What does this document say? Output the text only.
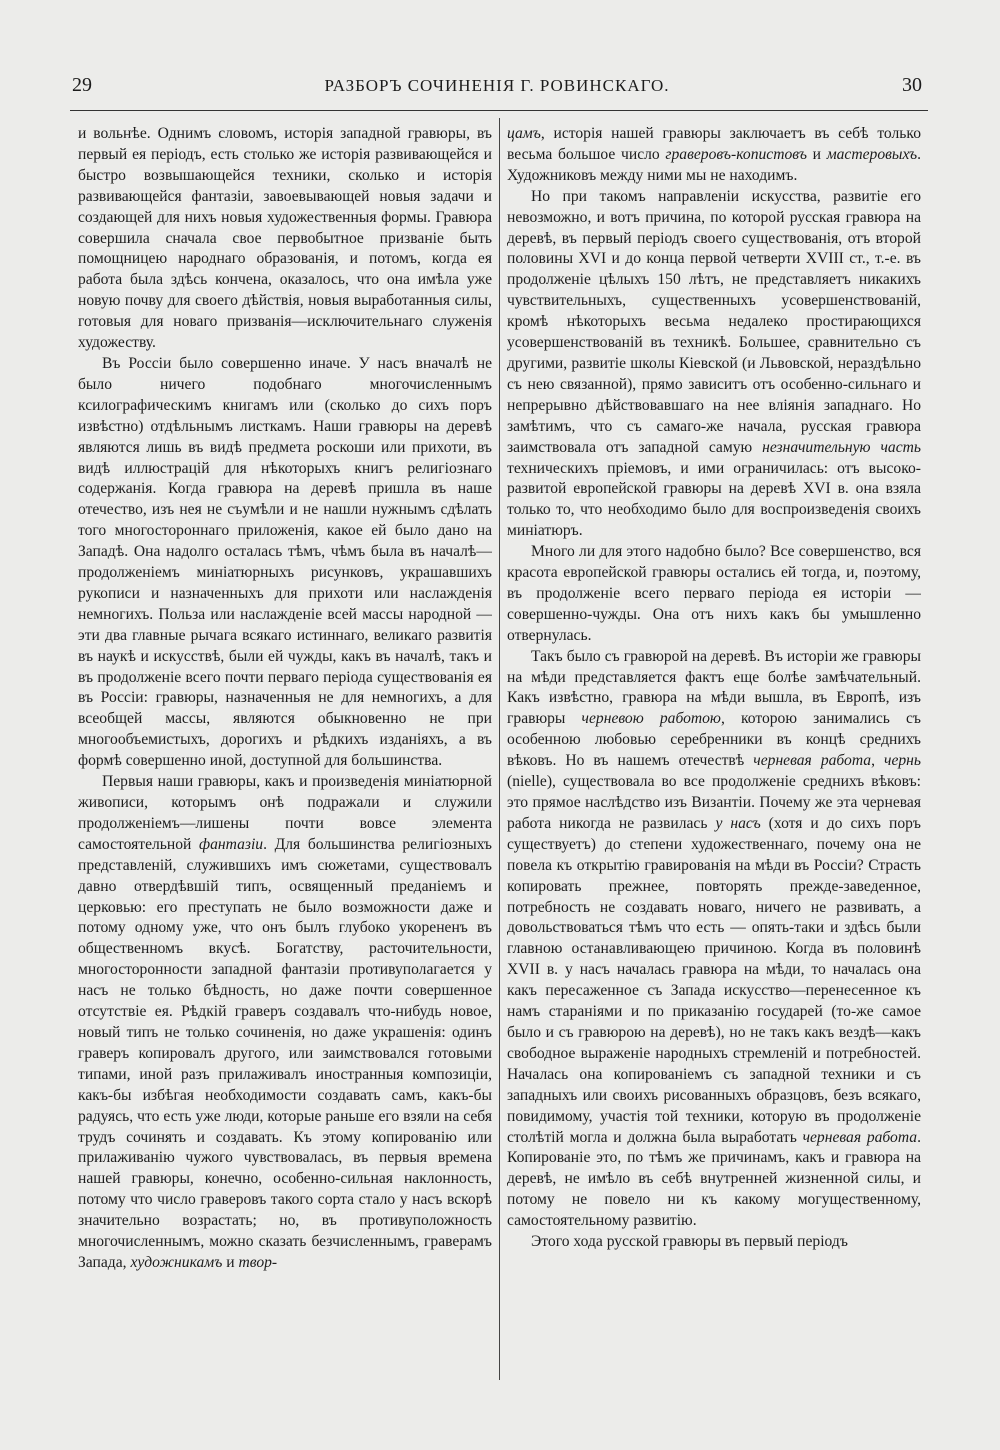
29	РАЗБОРЪ СОЧИНЕНІЯ Г. РОВИНСКАГО.	30

и вольнѣе. Однимъ словомъ, исторія западной гравюры, въ первый ея періодъ, есть столько же исторія развивающейся и быстро возвышающейся техники, сколько и исторія развивающейся фантазіи, завоевывающей новыя задачи и создающей для нихъ новыя художественныя формы. Гравюра совершила сначала свое первобытное призваніе быть помощницею народнаго образованія, и потомъ, когда ея работа была здѣсь кончена, оказалось, что она имѣла уже новую почву для своего дѣйствія, новыя выработанныя силы, готовыя для новаго призванія—исключительнаго служенія художеству.

Въ Россіи было совершенно иначе. У насъ вначалѣ не было ничего подобнаго многочисленнымъ ксилографическимъ книгамъ или (сколько до сихъ поръ извѣстно) отдѣльнымъ листкамъ. Наши гравюры на деревѣ являются лишь въ видѣ предмета роскоши или прихоти, въ видѣ иллюстрацій для нѣкоторыхъ книгъ религіознаго содержанія. Когда гравюра на деревѣ пришла въ наше отечество, изъ нея не съумѣли и не нашли нужнымъ сдѣлать того многостороннаго приложенія, какое ей было дано на Западѣ. Она надолго осталась тѣмъ, чѣмъ была въ началѣ—продолженіемъ миніатюрныхъ рисунковъ, украшавшихъ рукописи и назначенныхъ для прихоти или наслажденія немногихъ. Польза или наслажденіе всей массы народной — эти два главные рычага всякаго истиннаго, великаго развитія въ наукѣ и искусствѣ, были ей чужды, какъ въ началѣ, такъ и въ продолженіе всего почти перваго періода существованія ея въ Россіи: гравюры, назначенныя не для немногихъ, а для всеобщей массы, являются обыкновенно не при многообъемистыхъ, дорогихъ и рѣдкихъ изданіяхъ, а въ формѣ совершенно иной, доступной для большинства.

Первыя наши гравюры, какъ и произведенія миніатюрной живописи, которымъ онѣ подражали и служили продолженіемъ—лишены почти вовсе элемента самостоятельной фантазіи. Для большинства религіозныхъ представленій, служившихъ имъ сюжетами, существовалъ давно отвердѣвшій типъ, освященный преданіемъ и церковью: его преступать не было возможности даже и потому одному уже, что онъ былъ глубоко укорененъ въ общественномъ вкусѣ. Богатству, расточительности, многосторонности западной фантазіи противуполагается у насъ не только бѣдность, но даже почти совершенное отсутствіе ея. Рѣдкій граверъ создавалъ что-нибудь новое, новый типъ не только сочиненія, но даже украшенія: одинъ граверъ копировалъ другого, или заимствовался готовыми типами, иной разъ прилаживалъ иностранныя композиціи, какъ-бы избѣгая необходимости создавать самъ, какъ-бы радуясь, что есть уже люди, которые раньше его взяли на себя трудъ сочинять и создавать. Къ этому копированію или прилаживанію чужого чувствовалась, въ первыя времена нашей гравюры, конечно, особенно-сильная наклонность, потому что число граверовъ такого сорта стало у насъ вскорѣ значительно возрастать; но, въ противуположность многочисленнымъ, можно сказать безчисленнымъ, граверамъ Запада, художникамъ и твор-

цамъ, исторія нашей гравюры заключаетъ въ себѣ только весьма большое число граверовъ-копистовъ и мастеровыхъ. Художниковъ между ними мы не находимъ.

Но при такомъ направленіи искусства, развитіе его невозможно, и вотъ причина, по которой русская гравюра на деревѣ, въ первый періодъ своего существованія, отъ второй половины XVI и до конца первой четверти XVIII ст., т.-е. въ продолженіе цѣлыхъ 150 лѣтъ, не представляетъ никакихъ чувствительныхъ, существенныхъ усовершенствованій, кромѣ нѣкоторыхъ весьма недалеко простирающихся усовершенствованій въ техникѣ. Большее, сравнительно съ другими, развитіе школы Кіевской (и Львовской, нераздѣльно съ нею связанной), прямо зависитъ отъ особенно-сильнаго и непрерывно дѣйствовавшаго на нее вліянія западнаго. Но замѣтимъ, что съ самаго-же начала, русская гравюра заимствовала отъ западной самую незначительную часть техническихъ пріемовъ, и ими ограничилась: отъ высоко-развитой европейской гравюры на деревѣ XVI в. она взяла только то, что необходимо было для воспроизведенія своихъ миніатюръ.

Много ли для этого надобно было? Все совершенство, вся красота европейской гравюры остались ей тогда, и, поэтому, въ продолженіе всего перваго періода ея исторіи — совершенно-чужды. Она отъ нихъ какъ бы умышленно отвернулась.

Такъ было съ гравюрой на деревѣ. Въ исторіи же гравюры на мѣди представляется фактъ еще болѣе замѣчательный. Какъ извѣстно, гравюра на мѣди вышла, въ Европѣ, изъ гравюры черневою работою, которою занимались съ особенною любовью серебренники въ концѣ среднихъ вѣковъ. Но въ нашемъ отечествѣ черневая работа, чернь (niellе), существовала во все продолженіе среднихъ вѣковъ: это прямое наслѣдство изъ Византіи. Почему же эта черневая работа никогда не развилась у насъ (хотя и до сихъ поръ существуетъ) до степени художественнаго, почему она не повела къ открытію гравированія на мѣди въ Россіи? Страсть копировать прежнее, повторять прежде-заведенное, потребность не создавать новаго, ничего не развивать, а довольствоваться тѣмъ что есть — опять-таки и здѣсь были главною останавливающею причиною. Когда въ половинѣ XVII в. у насъ началась гравюра на мѣди, то началась она какъ пересаженное съ Запада искусство—перенесенное къ намъ стараніями и по приказанію государей (то-же самое было и съ гравюрою на деревѣ), но не такъ какъ вездѣ—какъ свободное выраженіе народныхъ стремленій и потребностей. Началась она копированіемъ съ западной техники и съ западныхъ или своихъ рисованныхъ образцовъ, безъ всякаго, повидимому, участія той техники, которую въ продолженіе столѣтій могла и должна была выработать черневая работа. Копированіе это, по тѣмъ же причинамъ, какъ и гравюра на деревѣ, не имѣло въ себѣ внутренней жизненной силы, и потому не повело ни къ какому могущественному, самостоятельному развитію.

Этого хода русской гравюры въ первый періодъ
